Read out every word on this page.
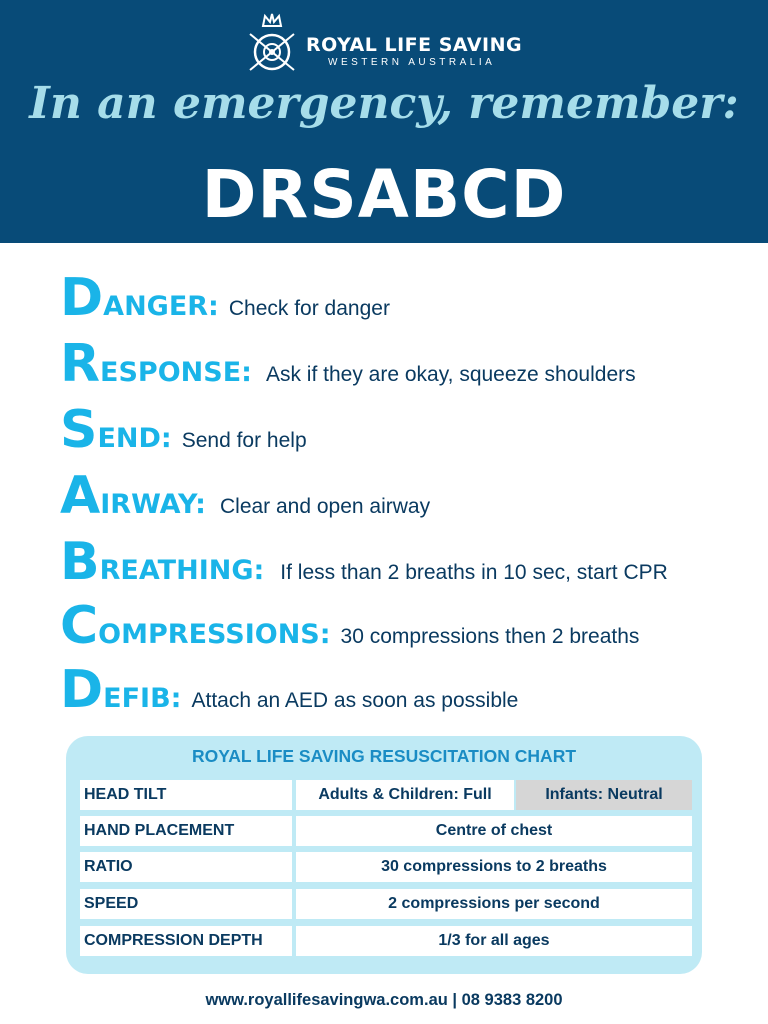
ROYAL LIFE SAVING
WESTERN AUSTRALIA
In an emergency, remember:
DRSABCD
D ANGER: Check for danger
R ESPONSE: Ask if they are okay, squeeze shoulders
S END: Send for help
A IRWAY: Clear and open airway
B REATHING: If less than 2 breaths in 10 sec, start CPR
C OMPRESSIONS: 30 compressions then 2 breaths
D EFIB: Attach an AED as soon as possible
ROYAL LIFE SAVING RESUSCITATION CHART
HEAD TILT	Adults & Children: Full	Infants: Neutral
HAND PLACEMENT	Centre of chest
RATIO	30 compressions to 2 breaths
SPEED	2 compressions per second
COMPRESSION DEPTH	1/3 for all ages
www.royallifesavingwa.com.au | 08 9383 8200
